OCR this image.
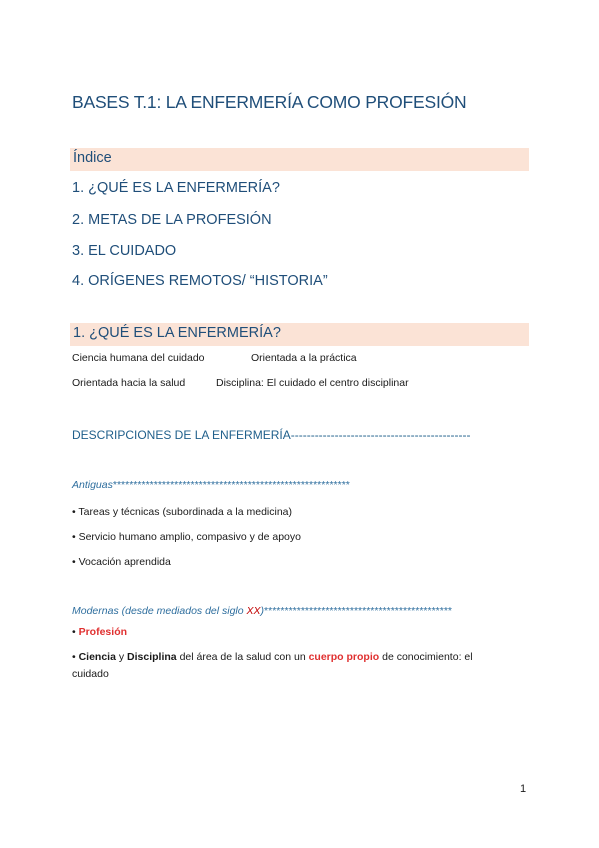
BASES T.1: LA ENFERMERÍA COMO PROFESIÓN
Índice
1. ¿QUÉ ES LA ENFERMERÍA?
2. METAS DE LA PROFESIÓN
3. EL CUIDADO
4. ORÍGENES REMOTOS/ “HISTORIA”
1. ¿QUÉ ES LA ENFERMERÍA?
Ciencia humana del cuidado	Orientada a la práctica
Orientada hacia la salud	Disciplina: El cuidado el centro disciplinar
DESCRIPCIONES DE LA ENFERMERÍA---------------------------------------------
Antiguas**********************************************************
• Tareas y técnicas (subordinada a la medicina)
• Servicio humano amplio, compasivo y de apoyo
• Vocación aprendida
Modernas (desde mediados del siglo XX)**********************************************
• Profesión
• Ciencia y Disciplina del área de la salud con un cuerpo propio de conocimiento: el
cuidado
1
